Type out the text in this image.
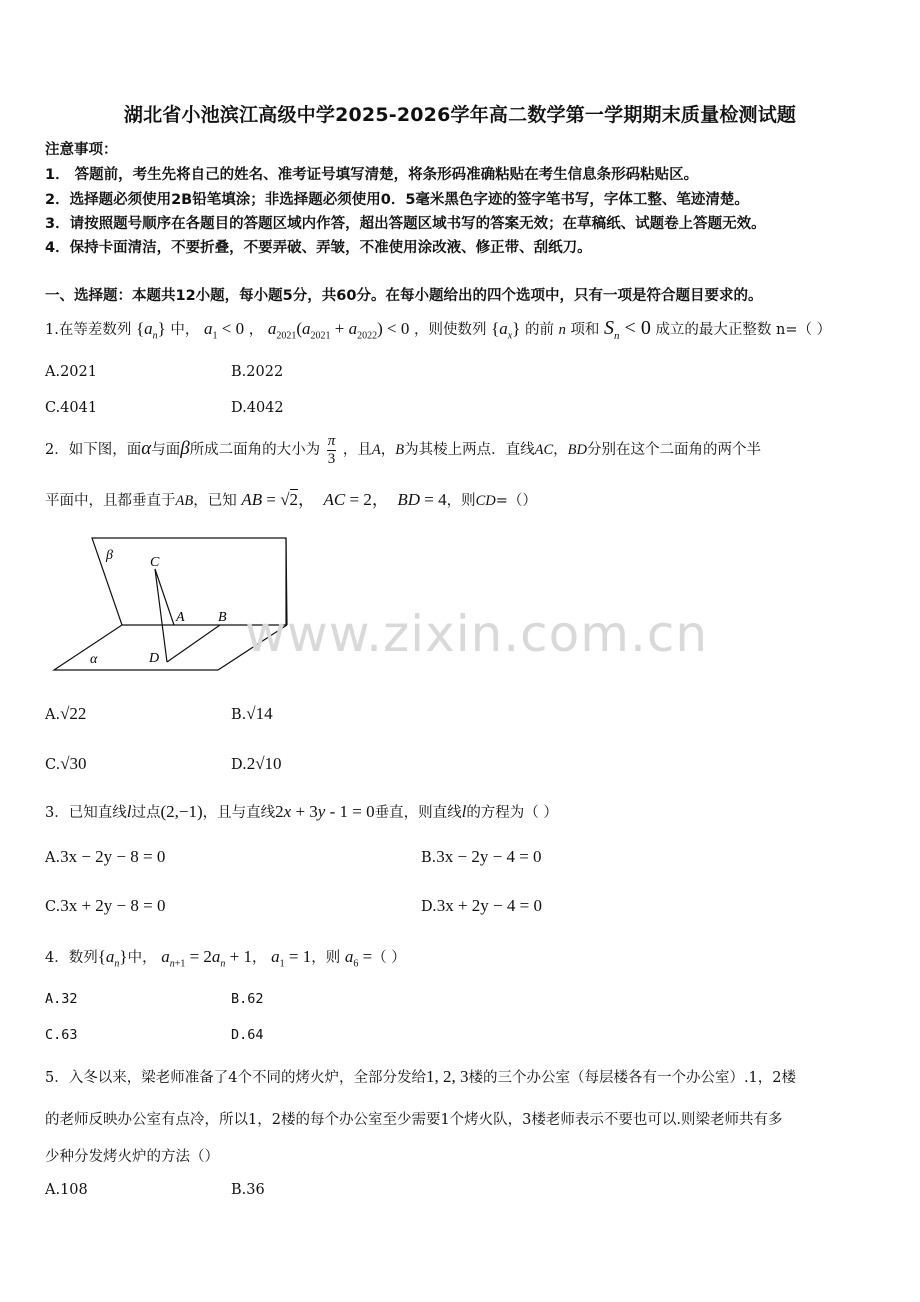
湖北省小池滨江高级中学2025-2026学年高二数学第一学期期末质量检测试题
注意事项：
1． 答题前，考生先将自己的姓名、准考证号填写清楚，将条形码准确粘贴在考生信息条形码粘贴区。
2．选择题必须使用2B铅笔填涂；非选择题必须使用0．5毫米黑色字迹的签字笔书写，字体工整、笔迹清楚。
3．请按照题号顺序在各题目的答题区域内作答，超出答题区域书写的答案无效；在草稿纸、试题卷上答题无效。
4．保持卡面清洁，不要折叠，不要弄破、弄皱，不准使用涂改液、修正带、刮纸刀。
一、选择题：本题共12小题，每小题5分，共60分。在每小题给出的四个选项中，只有一项是符合题目要求的。
1.在等差数列 $\{a_n\}$ 中， $a_1 < 0$ ， $a_{2021}(a_{2021} + a_{2022}) < 0$ ，则使数列 $\{a_x\}$ 的前 n 项和 $S_n < 0$ 成立的最大正整数 n=（ ）
A.2021	B.2022
C.4041	D.4042
2．如下图，面α与面β所成二面角的大小为 $\frac{\pi}{3}$ ，且A，B为其棱上两点．直线AC，BD分别在这个二面角的两个半
平面中，且都垂直于AB，已知 AB = √2，  AC = 2，  BD = 4，则CD=（）
β	C
A B
α	D www.zixin.com.cn
A.√22	B.√14
C.√30	D.2√10
3．已知直线l过点(2,−1)，且与直线2x + 3y - 1 = 0垂直，则直线l的方程为（ ）
A.3x − 2y − 8 = 0	B.3x − 2y − 4 = 0
C.3x + 2y − 8 = 0	D.3x + 2y − 4 = 0
4．数列$\{a_n\}$中， $a_{n+1} = 2a_n + 1$， $a_1 = 1$，则 $a_6$ =（ ）
A.32	B.62
C.63	D.64
5．入冬以来，梁老师准备了4个不同的烤火炉，全部分发给1, 2, 3楼的三个办公室（每层楼各有一个办公室）.1，2楼
的老师反映办公室有点冷，所以1，2楼的每个办公室至少需要1个烤火队，3楼老师表示不要也可以.则梁老师共有多
少种分发烤火炉的方法（）
A.108	B.36
